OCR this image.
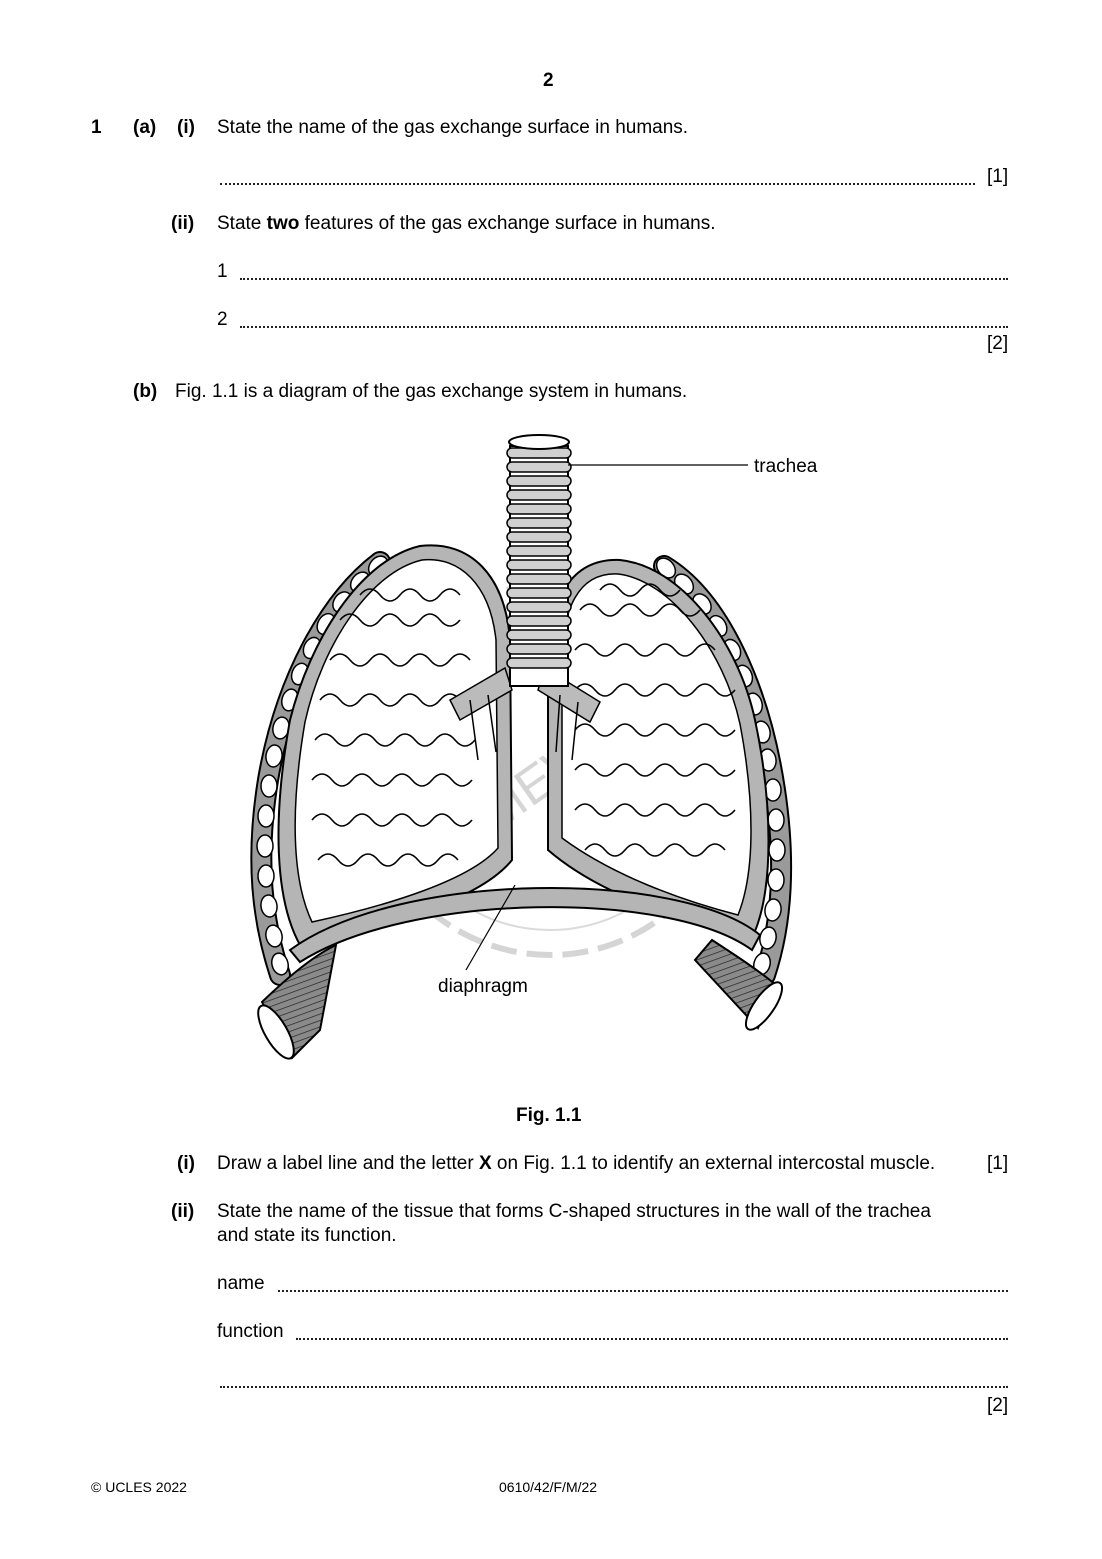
2
1 (a) (i) State the name of the gas exchange surface in humans.
[1]
(ii) State two features of the gas exchange surface in humans.
1
2
[2]
(b) Fig. 1.1 is a diagram of the gas exchange system in humans.
trachea
diaphragm
Fig. 1.1
(i) Draw a label line and the letter X on Fig. 1.1 to identify an external intercostal muscle.	[1]
(ii) State the name of the tissue that forms C-shaped structures in the wall of the trachea
and state its function.
name
function
[2]
© UCLES 2022	0610/42/F/M/22
